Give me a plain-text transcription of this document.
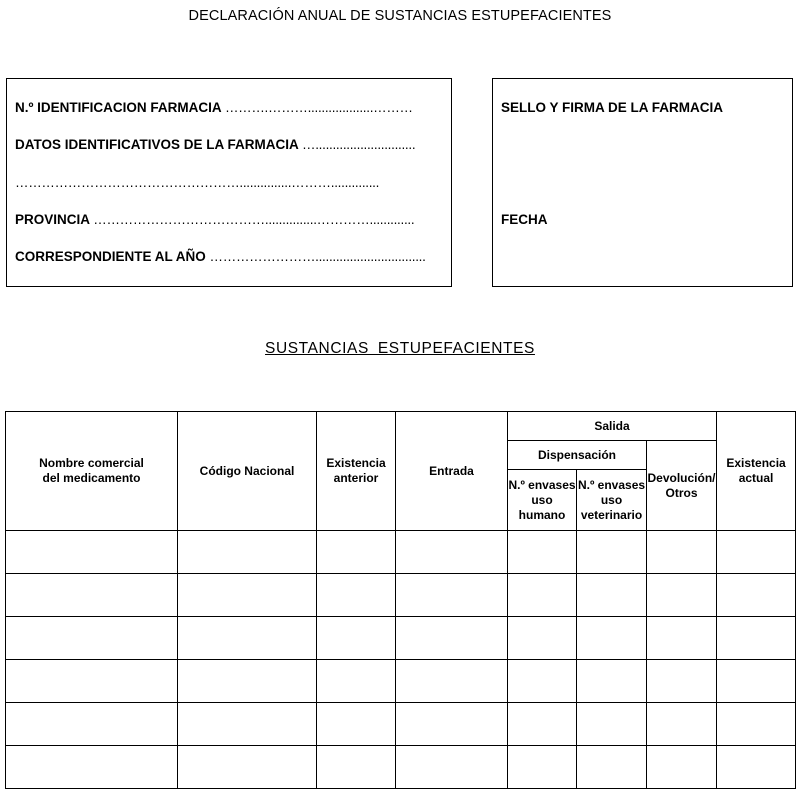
DECLARACIÓN ANUAL DE SUSTANCIAS ESTUPEFACIENTES
N.º IDENTIFICACION FARMACIA ……….………...................………
DATOS IDENTIFICATIVOS DE LA FARMACIA ….............................
……………………………………………...............………..............
PROVINCIA …………………………………...............………….............
CORRESPONDIENTE AL AÑO ……………………................................
SELLO Y FIRMA DE LA FARMACIA
FECHA
SUSTANCIAS ESTUPEFACIENTES
Nombre comercial del medicamento	Código Nacional	Existencia anterior	Entrada	Salida			Existencia actual
				Dispensación		Devolución/ Otros	
				N.º envases uso humano	N.º envases uso veterinario		
